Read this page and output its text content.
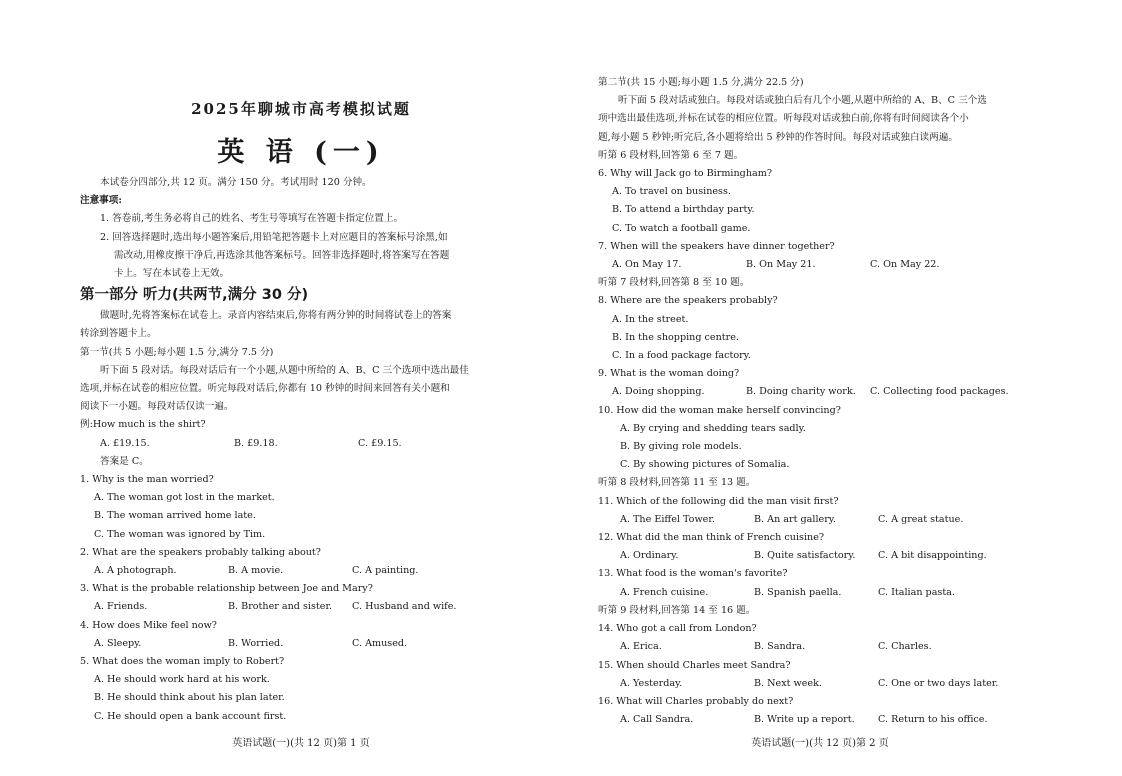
2025年聊城市高考模拟试题
英 语 (一)

本试卷分四部分,共 12 页。满分 150 分。考试用时 120 分钟。

注意事项:

1. 答卷前,考生务必将自己的姓名、考生号等填写在答题卡指定位置上。

2. 回答选择题时,选出每小题答案后,用铅笔把答题卡上对应题目的答案标号涂黑,如

需改动,用橡皮擦干净后,再选涂其他答案标号。回答非选择题时,将答案写在答题

卡上。写在本试卷上无效。

第一部分 听力(共两节,满分 30 分)

做题时,先将答案标在试卷上。录音内容结束后,你将有两分钟的时间将试卷上的答案

转涂到答题卡上。

第一节(共 5 小题;每小题 1.5 分,满分 7.5 分)

听下面 5 段对话。每段对话后有一个小题,从题中所给的 A、B、C 三个选项中选出最佳

选项,并标在试卷的相应位置。听完每段对话后,你都有 10 秒钟的时间来回答有关小题和

阅读下一小题。每段对话仅读一遍。

例:How much is the shirt?

A. £19.15.	B. £9.18.	C. £9.15.

答案是 C。

1. Why is the man worried?

A. The woman got lost in the market.

B. The woman arrived home late.

C. The woman was ignored by Tim.

2. What are the speakers probably talking about?

A. A photograph.	B. A movie.	C. A painting.

3. What is the probable relationship between Joe and Mary?

A. Friends.	B. Brother and sister.	C. Husband and wife.

4. How does Mike feel now?

A. Sleepy.	B. Worried.	C. Amused.

5. What does the woman imply to Robert?

A. He should work hard at his work.

B. He should think about his plan later.

C. He should open a bank account first.

英语试题(一)(共 12 页)第 1 页

第二节(共 15 小题;每小题 1.5 分,满分 22.5 分)

听下面 5 段对话或独白。每段对话或独白后有几个小题,从题中所给的 A、B、C 三个选

项中选出最佳选项,并标在试卷的相应位置。听每段对话或独白前,你将有时间阅读各个小

题,每小题 5 秒钟;听完后,各小题将给出 5 秒钟的作答时间。每段对话或独白读两遍。

听第 6 段材料,回答第 6 至 7 题。

6. Why will Jack go to Birmingham?

A. To travel on business.

B. To attend a birthday party.

C. To watch a football game.

7. When will the speakers have dinner together?

A. On May 17.	B. On May 21.	C. On May 22.

听第 7 段材料,回答第 8 至 10 题。

8. Where are the speakers probably?

A. In the street.

B. In the shopping centre.

C. In a food package factory.

9. What is the woman doing?

A. Doing shopping.	B. Doing charity work.	C. Collecting food packages.

10. How did the woman make herself convincing?

A. By crying and shedding tears sadly.

B. By giving role models.

C. By showing pictures of Somalia.

听第 8 段材料,回答第 11 至 13 题。

11. Which of the following did the man visit first?

A. The Eiffel Tower.	B. An art gallery.	C. A great statue.

12. What did the man think of French cuisine?

A. Ordinary.	B. Quite satisfactory.	C. A bit disappointing.

13. What food is the woman's favorite?

A. French cuisine.	B. Spanish paella.	C. Italian pasta.

听第 9 段材料,回答第 14 至 16 题。

14. Who got a call from London?

A. Erica.	B. Sandra.	C. Charles.

15. When should Charles meet Sandra?

A. Yesterday.	B. Next week.	C. One or two days later.

16. What will Charles probably do next?

A. Call Sandra.	B. Write up a report.	C. Return to his office.
英语试题(一)(共 12 页)第 2 页
